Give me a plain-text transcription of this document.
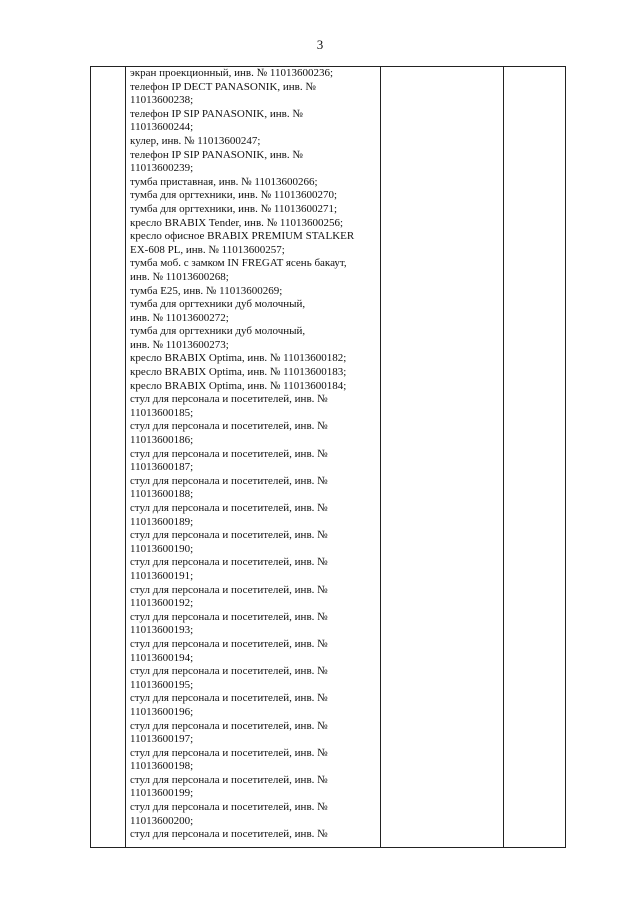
3
экран проекционный, инв. № 11013600236;
телефон IP DECT PANASONIK, инв. №
11013600238;
телефон IP SIP PANASONIK, инв. №
11013600244;
кулер, инв. № 11013600247;
телефон IP SIP PANASONIK, инв. №
11013600239;
тумба приставная, инв. № 11013600266;
тумба для оргтехники, инв. № 11013600270;
тумба для оргтехники, инв. № 11013600271;
кресло BRABIX Tender, инв. № 11013600256;
кресло офисное BRABIX PREMIUM STALKER
EX-608 PL, инв. № 11013600257;
тумба моб. с замком IN FREGAT ясень бакаут,
инв. № 11013600268;
тумба E25, инв. № 11013600269;
тумба для оргтехники дуб молочный,
инв. № 11013600272;
тумба для оргтехники дуб молочный,
инв. № 11013600273;
кресло BRABIX Optima, инв. № 11013600182;
кресло BRABIX Optima, инв. № 11013600183;
кресло BRABIX Optima, инв. № 11013600184;
стул для персонала и посетителей, инв. №
11013600185;
стул для персонала и посетителей, инв. №
11013600186;
стул для персонала и посетителей, инв. №
11013600187;
стул для персонала и посетителей, инв. №
11013600188;
стул для персонала и посетителей, инв. №
11013600189;
стул для персонала и посетителей, инв. №
11013600190;
стул для персонала и посетителей, инв. №
11013600191;
стул для персонала и посетителей, инв. №
11013600192;
стул для персонала и посетителей, инв. №
11013600193;
стул для персонала и посетителей, инв. №
11013600194;
стул для персонала и посетителей, инв. №
11013600195;
стул для персонала и посетителей, инв. №
11013600196;
стул для персонала и посетителей, инв. №
11013600197;
стул для персонала и посетителей, инв. №
11013600198;
стул для персонала и посетителей, инв. №
11013600199;
стул для персонала и посетителей, инв. №
11013600200;
стул для персонала и посетителей, инв. №
